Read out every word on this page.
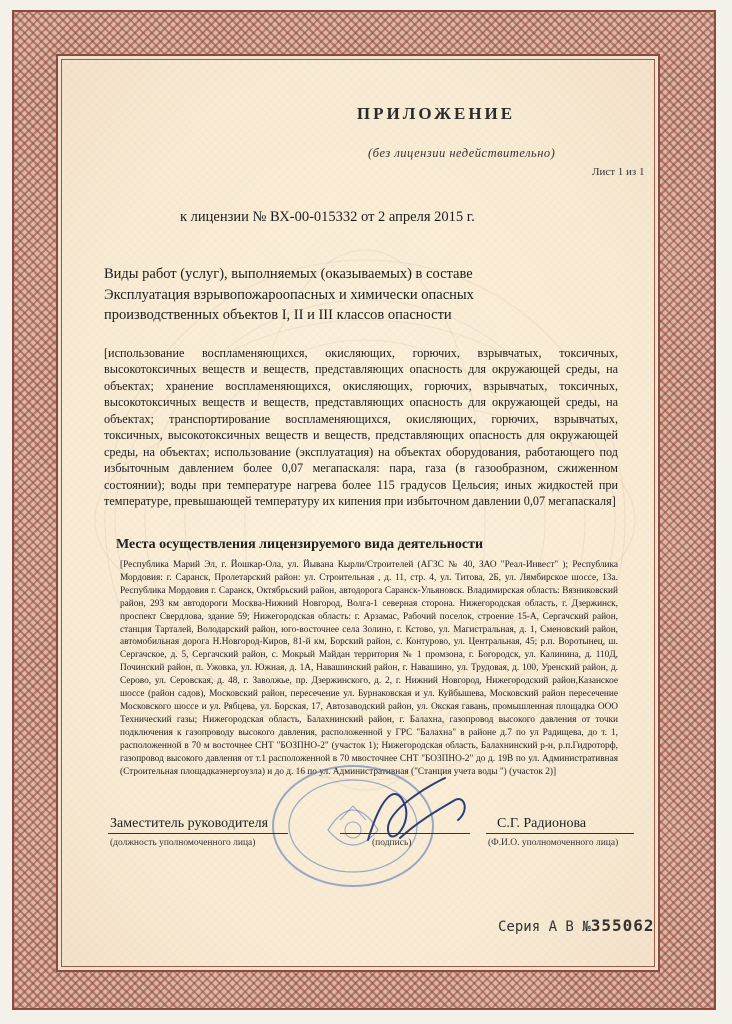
ПРИЛОЖЕНИЕ
(без лицензии недействительно)
Лист 1 из 1
к лицензии № ВХ-00-015332 от 2 апреля 2015 г.
Виды работ (услуг), выполняемых (оказываемых) в составе
Эксплуатация взрывопожароопасных и химически опасных
производственных объектов I, II и III классов опасности
[использование воспламеняющихся, окисляющих, горючих, взрывчатых, токсичных, высокотоксичных веществ и веществ, представляющих опасность для окружающей среды, на объектах; хранение воспламеняющихся, окисляющих, горючих, взрывчатых, токсичных, высокотоксичных веществ и веществ, представляющих опасность для окружающей среды, на объектах; транспортирование воспламеняющихся, окисляющих, горючих, взрывчатых, токсичных, высокотоксичных веществ и веществ, представляющих опасность для окружающей среды, на объектах; использование (эксплуатация) на объектах оборудования, работающего под избыточным давлением более 0,07 мегапаскаля: пара, газа (в газообразном, сжиженном состоянии); воды при температуре нагрева более 115 градусов Цельсия; иных жидкостей при температуре, превышающей температуру их кипения при избыточном давлении 0,07 мегапаскаля]
Места осуществления лицензируемого вида деятельности
[Республика Марий Эл, г. Йошкар-Ола, ул. Йывана Кырли/Строителей (АГЗС № 40, ЗАО "Реал-Инвест" ); Республика Мордовия: г. Саранск, Пролетарский район: ул. Строительная , д. 11, стр. 4, ул. Титова, 2Б, ул. Лямбирское шоссе, 13а. Республика Мордовия г. Саранск, Октябрьский район, автодорога Саранск-Ульяновск. Владимирская область: Вязниковский район, 293 км автодороги Москва-Нижний Новгород, Волга-1 северная сторона. Нижегородская область, г. Дзержинск, проспект Свердлова, здание 59; Нижегородская область: г. Арзамас, Рабочий поселок, строение 15-А, Сергачский район, станция Тарталей, Володарский район, юго-восточнее села Золино, г. Кстово, ул. Магистральная, д. 1, Сменовский район, автомобильная дорога Н.Новгород-Киров, 81-й км, Борский район, с. Контурово, ул. Центральная, 45; р.п. Воротынец, ш. Сергачское, д. 5, Сергачский район, с. Мокрый Майдан территория № 1 промзона, г. Богородск, ул. Калинина, д. 110Д, Починский район, п. Ужовка, ул. Южная, д. 1А, Навашинский район, г. Навашино, ул. Трудовая, д. 100, Уренский район, д. Серово, ул. Серовская, д. 48, г. Заволжье, пр. Дзержинского, д. 2, г. Нижний Новгород, Нижегородский район,Казанское шоссе (район садов), Московский район, пересечение ул. Бурнаковская и ул. Куйбышева, Московский район пересечение Московского шоссе и ул. Рябцева, ул. Борская, 17, Автозаводский район, ул. Окская гавань, промышленная площадка ООО Технический газы; Нижегородская область, Балахнинский район, г. Балахна, газопровод высокого давления от точки подключения к газопроводу высокого давления, расположенной у ГРС "Балахна" в районе д.7 по ул Радищева, до т. 1, расположенной в 70 м восточнее СНТ "БОЗПНО-2" (участок 1); Нижегородская область, Балахнинский р-н, р.п.Гидроторф, газопровод высокого давления от т.1 расположенной в 70 мвосточнее СНТ "БОЗПНО-2" до д. 19В по ул. Административная (Строительная площадкаэнергоузла) и до д. 16 по ул. Административная ("Станция учета воды ") (участок 2)]
Заместитель руководителя	С.Г. Радионова
(должность уполномоченного лица)	(подпись)	(Ф.И.О. уполномоченного лица)
Серия А В №355062
